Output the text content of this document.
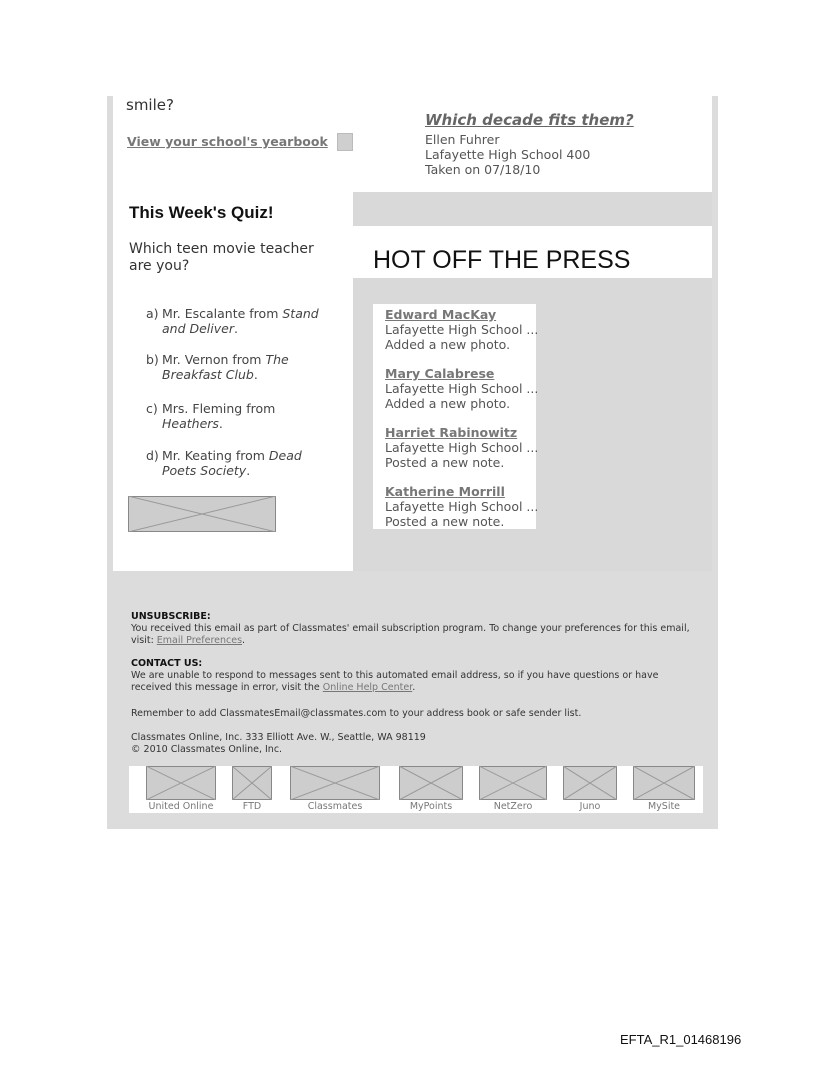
smile?
View your school's yearbook
Which decade fits them?
Ellen Fuhrer
Lafayette High School 400
Taken on 07/18/10
This Week's Quiz!
Which teen movie teacher are you?
a) Mr. Escalante from Stand and Deliver.
b) Mr. Vernon from The Breakfast Club.
c) Mrs. Fleming from Heathers.
d) Mr. Keating from Dead Poets Society.
HOT OFF THE PRESS
Edward MacKay
Lafayette High School ...
Added a new photo.
Mary Calabrese
Lafayette High School ...
Added a new photo.
Harriet Rabinowitz
Lafayette High School ...
Posted a new note.
Katherine Morrill
Lafayette High School ...
Posted a new note.
UNSUBSCRIBE:
You received this email as part of Classmates' email subscription program. To change your preferences for this email, visit: Email Preferences.
CONTACT US:
We are unable to respond to messages sent to this automated email address, so if you have questions or have received this message in error, visit the Online Help Center.
Remember to add ClassmatesEmail@classmates.com to your address book or safe sender list.
Classmates Online, Inc. 333 Elliott Ave. W., Seattle, WA 98119
© 2010 Classmates Online, Inc.
United Online	FTD	Classmates	MyPoints	NetZero	Juno	MySite
EFTA_R1_01468196
